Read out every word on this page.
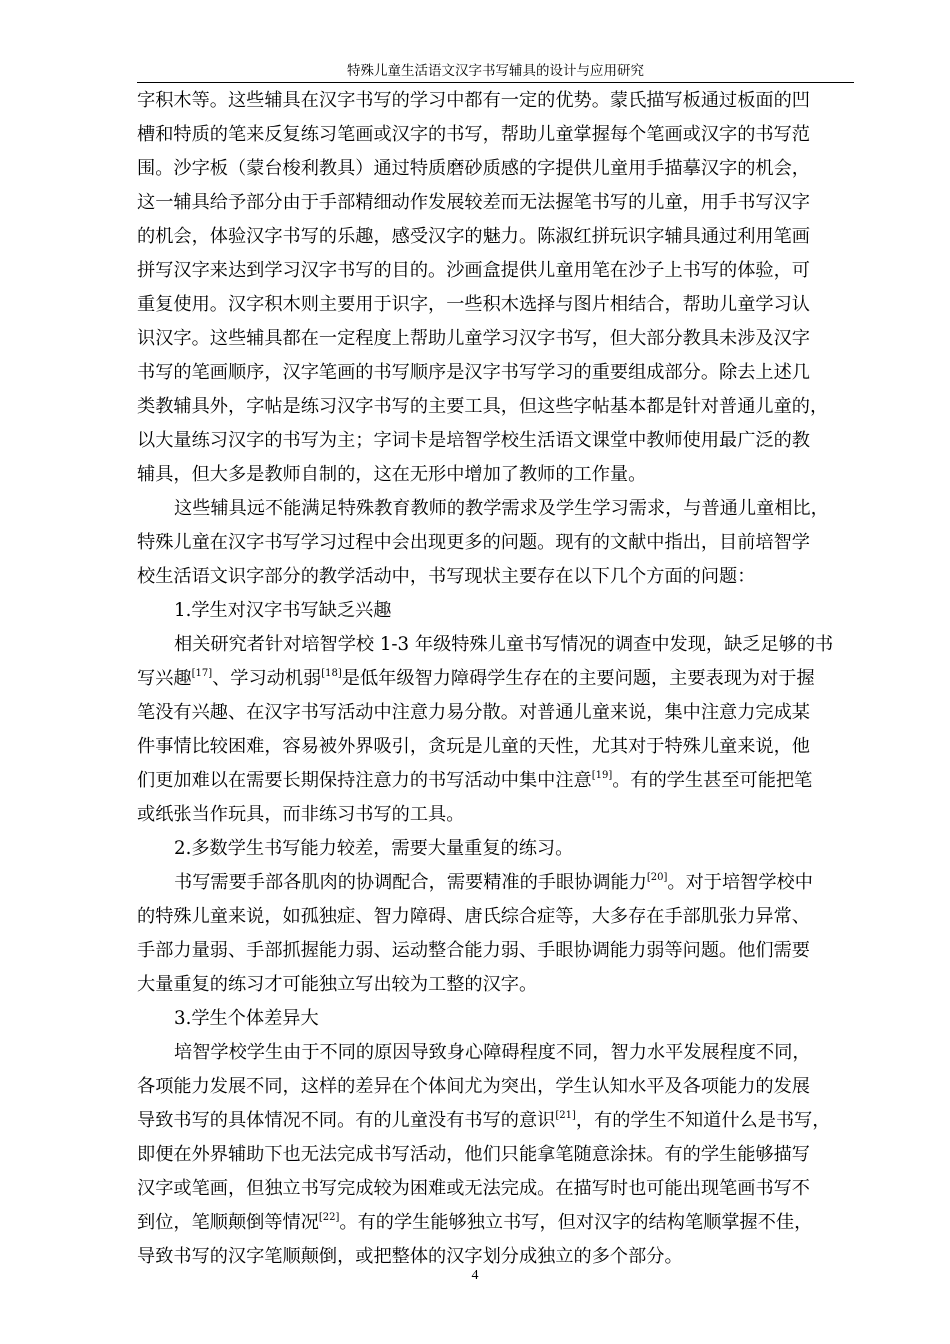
特殊儿童生活语文汉字书写辅具的设计与应用研究
字积木等。这些辅具在汉字书写的学习中都有一定的优势。蒙氏描写板通过板面的凹
槽和特质的笔来反复练习笔画或汉字的书写，帮助儿童掌握每个笔画或汉字的书写范
围。沙字板（蒙台梭利教具）通过特质磨砂质感的字提供儿童用手描摹汉字的机会，
这一辅具给予部分由于手部精细动作发展较差而无法握笔书写的儿童，用手书写汉字
的机会，体验汉字书写的乐趣，感受汉字的魅力。陈淑红拼玩识字辅具通过利用笔画
拼写汉字来达到学习汉字书写的目的。沙画盒提供儿童用笔在沙子上书写的体验，可
重复使用。汉字积木则主要用于识字，一些积木选择与图片相结合，帮助儿童学习认
识汉字。这些辅具都在一定程度上帮助儿童学习汉字书写，但大部分教具未涉及汉字
书写的笔画顺序，汉字笔画的书写顺序是汉字书写学习的重要组成部分。除去上述几
类教辅具外，字帖是练习汉字书写的主要工具，但这些字帖基本都是针对普通儿童的，
以大量练习汉字的书写为主；字词卡是培智学校生活语文课堂中教师使用最广泛的教
辅具，但大多是教师自制的，这在无形中增加了教师的工作量。
这些辅具远不能满足特殊教育教师的教学需求及学生学习需求，与普通儿童相比，
特殊儿童在汉字书写学习过程中会出现更多的问题。现有的文献中指出，目前培智学
校生活语文识字部分的教学活动中，书写现状主要存在以下几个方面的问题：
1.学生对汉字书写缺乏兴趣
相关研究者针对培智学校 1-3 年级特殊儿童书写情况的调查中发现，缺乏足够的书
写兴趣[17]、学习动机弱[18]是低年级智力障碍学生存在的主要问题，主要表现为对于握
笔没有兴趣、在汉字书写活动中注意力易分散。对普通儿童来说，集中注意力完成某
件事情比较困难，容易被外界吸引，贪玩是儿童的天性，尤其对于特殊儿童来说，他
们更加难以在需要长期保持注意力的书写活动中集中注意[19]。有的学生甚至可能把笔
或纸张当作玩具，而非练习书写的工具。
2.多数学生书写能力较差，需要大量重复的练习。
书写需要手部各肌肉的协调配合，需要精准的手眼协调能力[20]。对于培智学校中
的特殊儿童来说，如孤独症、智力障碍、唐氏综合症等，大多存在手部肌张力异常、
手部力量弱、手部抓握能力弱、运动整合能力弱、手眼协调能力弱等问题。他们需要
大量重复的练习才可能独立写出较为工整的汉字。
3.学生个体差异大
培智学校学生由于不同的原因导致身心障碍程度不同，智力水平发展程度不同，
各项能力发展不同，这样的差异在个体间尤为突出，学生认知水平及各项能力的发展
导致书写的具体情况不同。有的儿童没有书写的意识[21]，有的学生不知道什么是书写，
即便在外界辅助下也无法完成书写活动，他们只能拿笔随意涂抹。有的学生能够描写
汉字或笔画，但独立书写完成较为困难或无法完成。在描写时也可能出现笔画书写不
到位，笔顺颠倒等情况[22]。有的学生能够独立书写，但对汉字的结构笔顺掌握不佳，
导致书写的汉字笔顺颠倒，或把整体的汉字划分成独立的多个部分。
4
